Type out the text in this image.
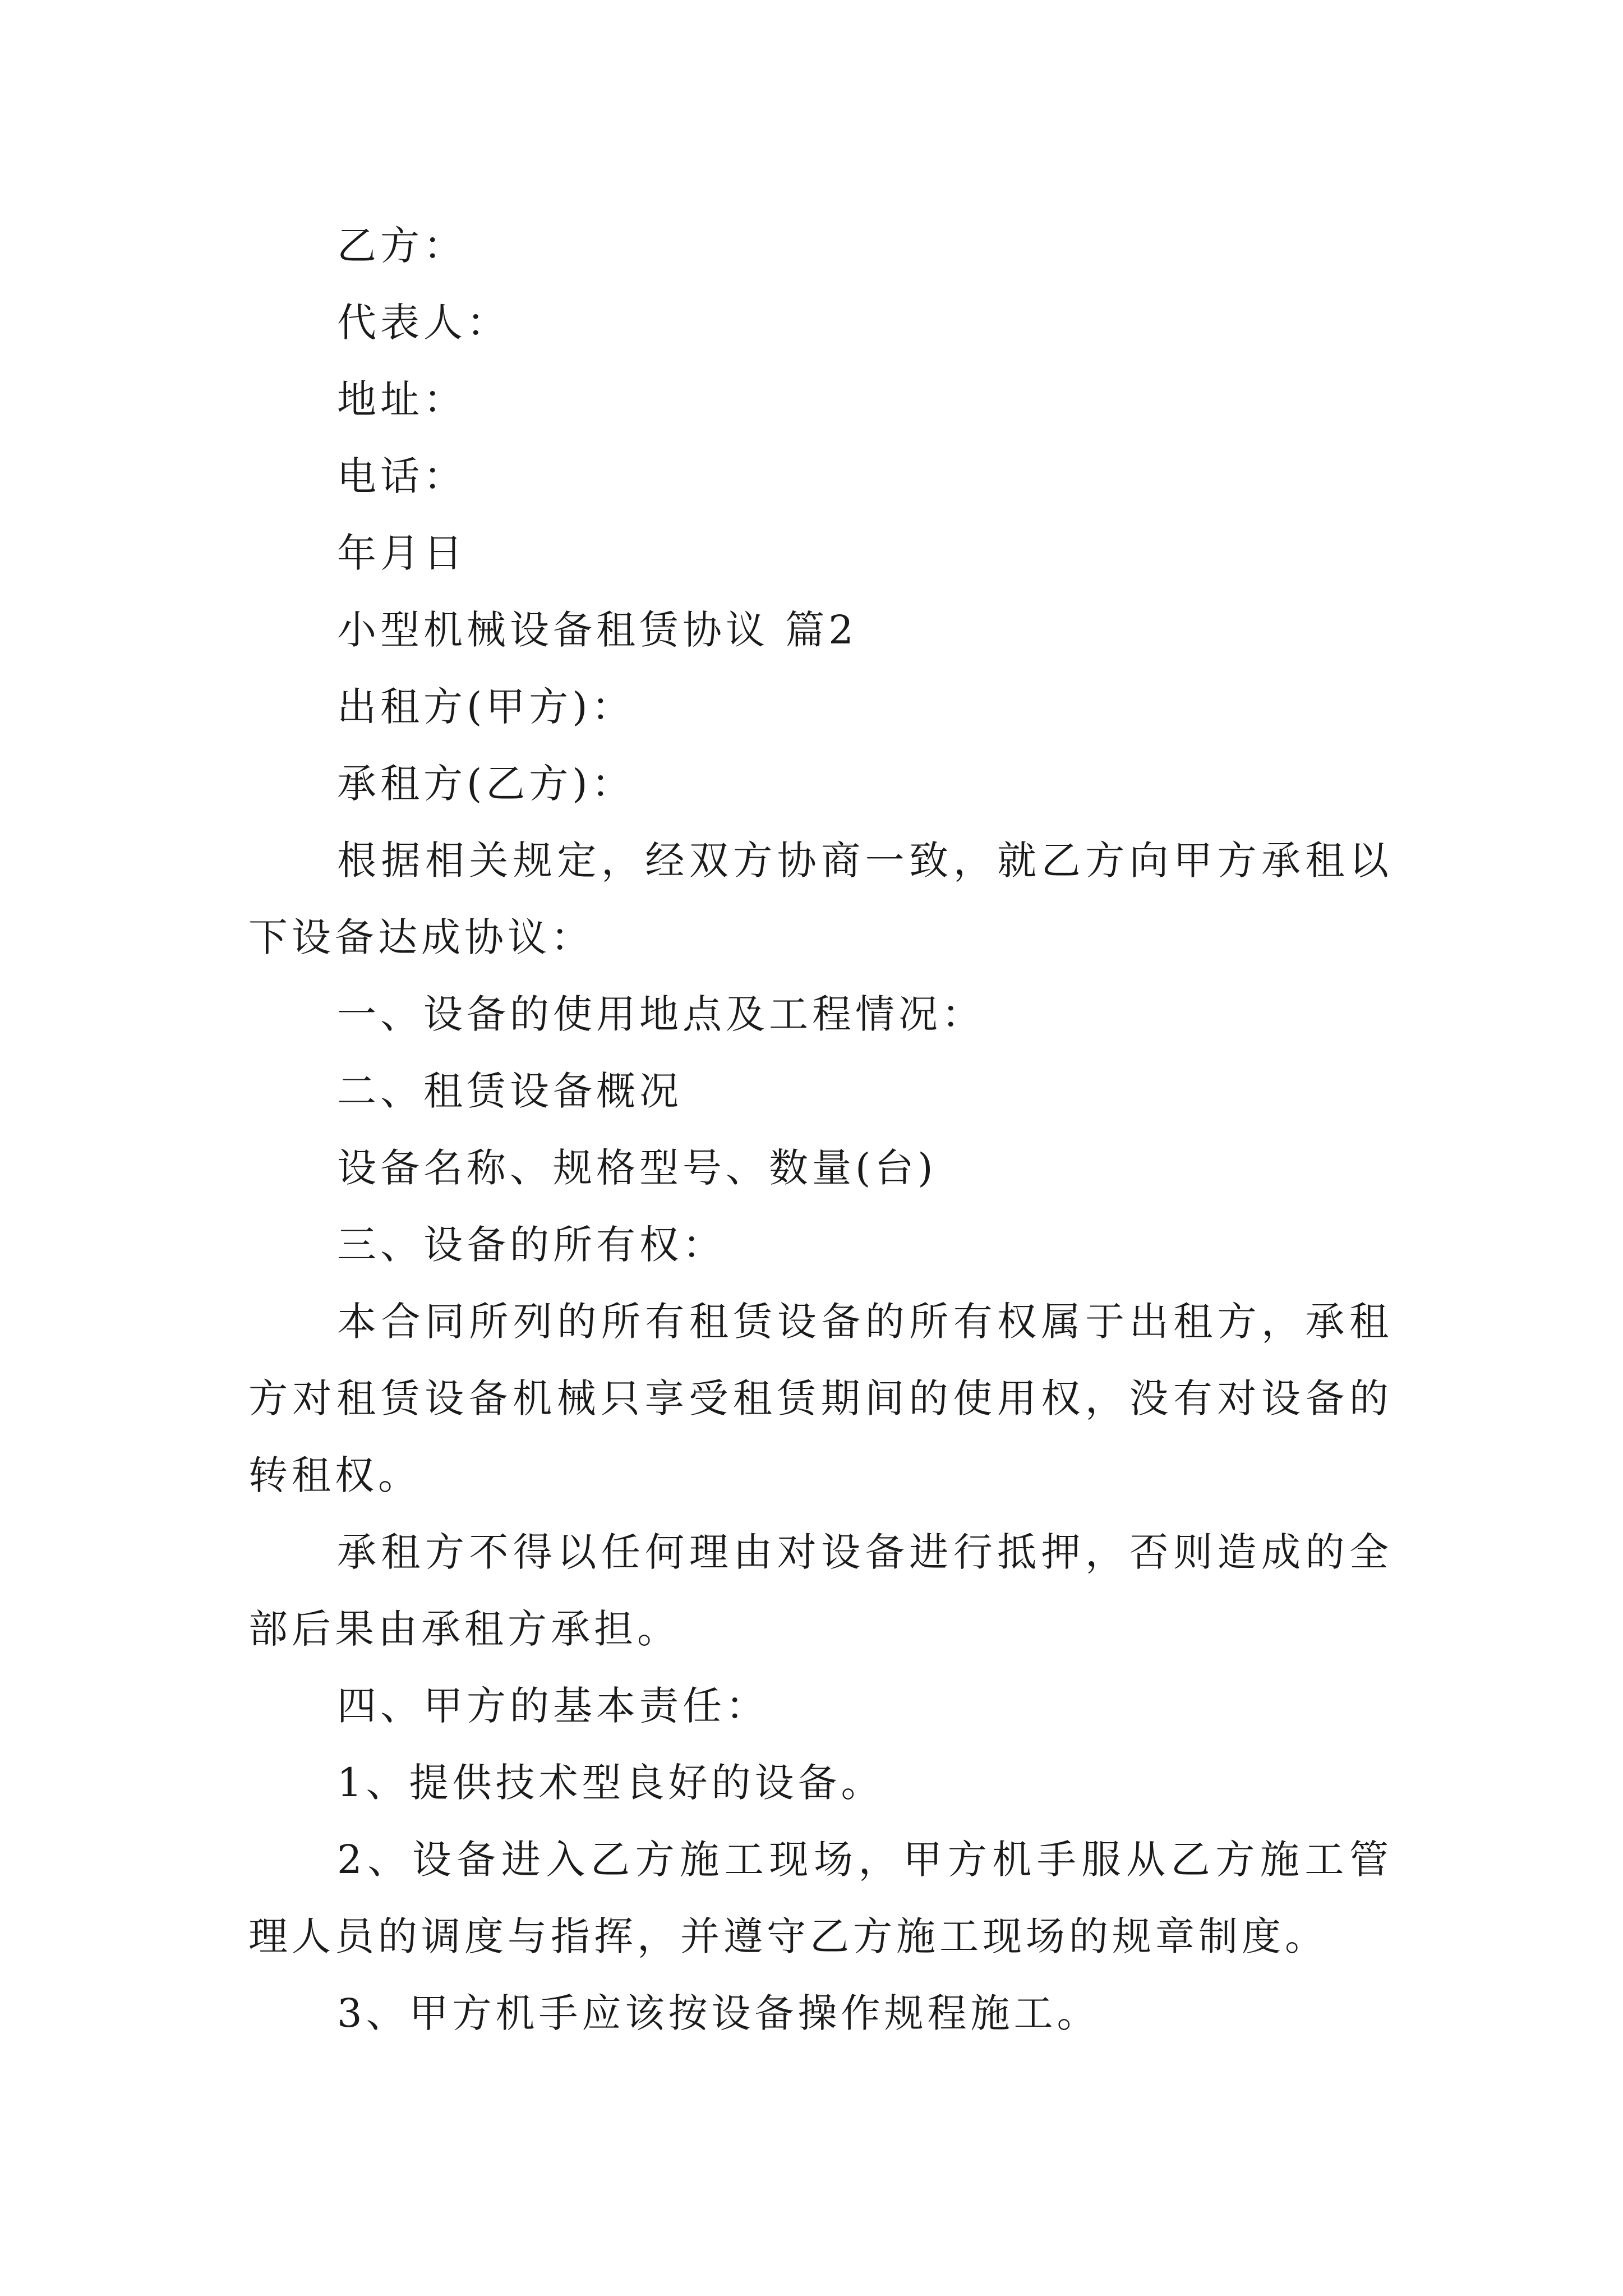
乙方：

代表人：

地址：

电话：

年月日

小型机械设备租赁协议 篇2

出租方(甲方)：

承租方(乙方)：

根据相关规定，经双方协商一致，就乙方向甲方承租以下设备达成协议：

一、设备的使用地点及工程情况：

二、租赁设备概况

设备名称、规格型号、数量(台)

三、设备的所有权：

本合同所列的所有租赁设备的所有权属于出租方，承租方对租赁设备机械只享受租赁期间的使用权，没有对设备的转租权。

承租方不得以任何理由对设备进行抵押，否则造成的全部后果由承租方承担。

四、甲方的基本责任：

1、提供技术型良好的设备。

2、设备进入乙方施工现场，甲方机手服从乙方施工管理人员的调度与指挥，并遵守乙方施工现场的规章制度。

3、甲方机手应该按设备操作规程施工。
